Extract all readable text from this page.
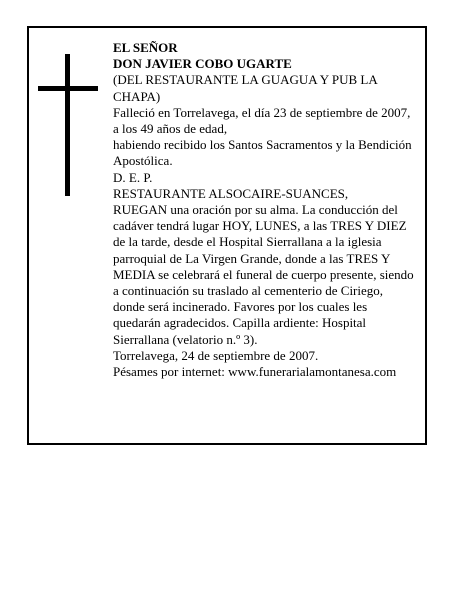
EL SEÑOR
DON JAVIER COBO UGARTE
(DEL RESTAURANTE LA GUAGUA Y PUB LA CHAPA)
Falleció en Torrelavega, el día 23 de septiembre de 2007, a los 49 años de edad,
habiendo recibido los Santos Sacramentos y la Bendición Apostólica.
D. E. P.
RESTAURANTE ALSOCAIRE-SUANCES,
RUEGAN una oración por su alma. La conducción del cadáver tendrá lugar HOY, LUNES, a las TRES Y DIEZ de la tarde, desde el Hospital Sierrallana a la iglesia parroquial de La Virgen Grande, donde a las TRES Y MEDIA se celebrará el funeral de cuerpo presente, siendo a continuación su traslado al cementerio de Ciriego, donde será incinerado. Favores por los cuales les quedarán agradecidos. Capilla ardiente: Hospital Sierrallana (velatorio n.º 3).
Torrelavega, 24 de septiembre de 2007.
Pésames por internet: www.funerarialamontanesa.com
